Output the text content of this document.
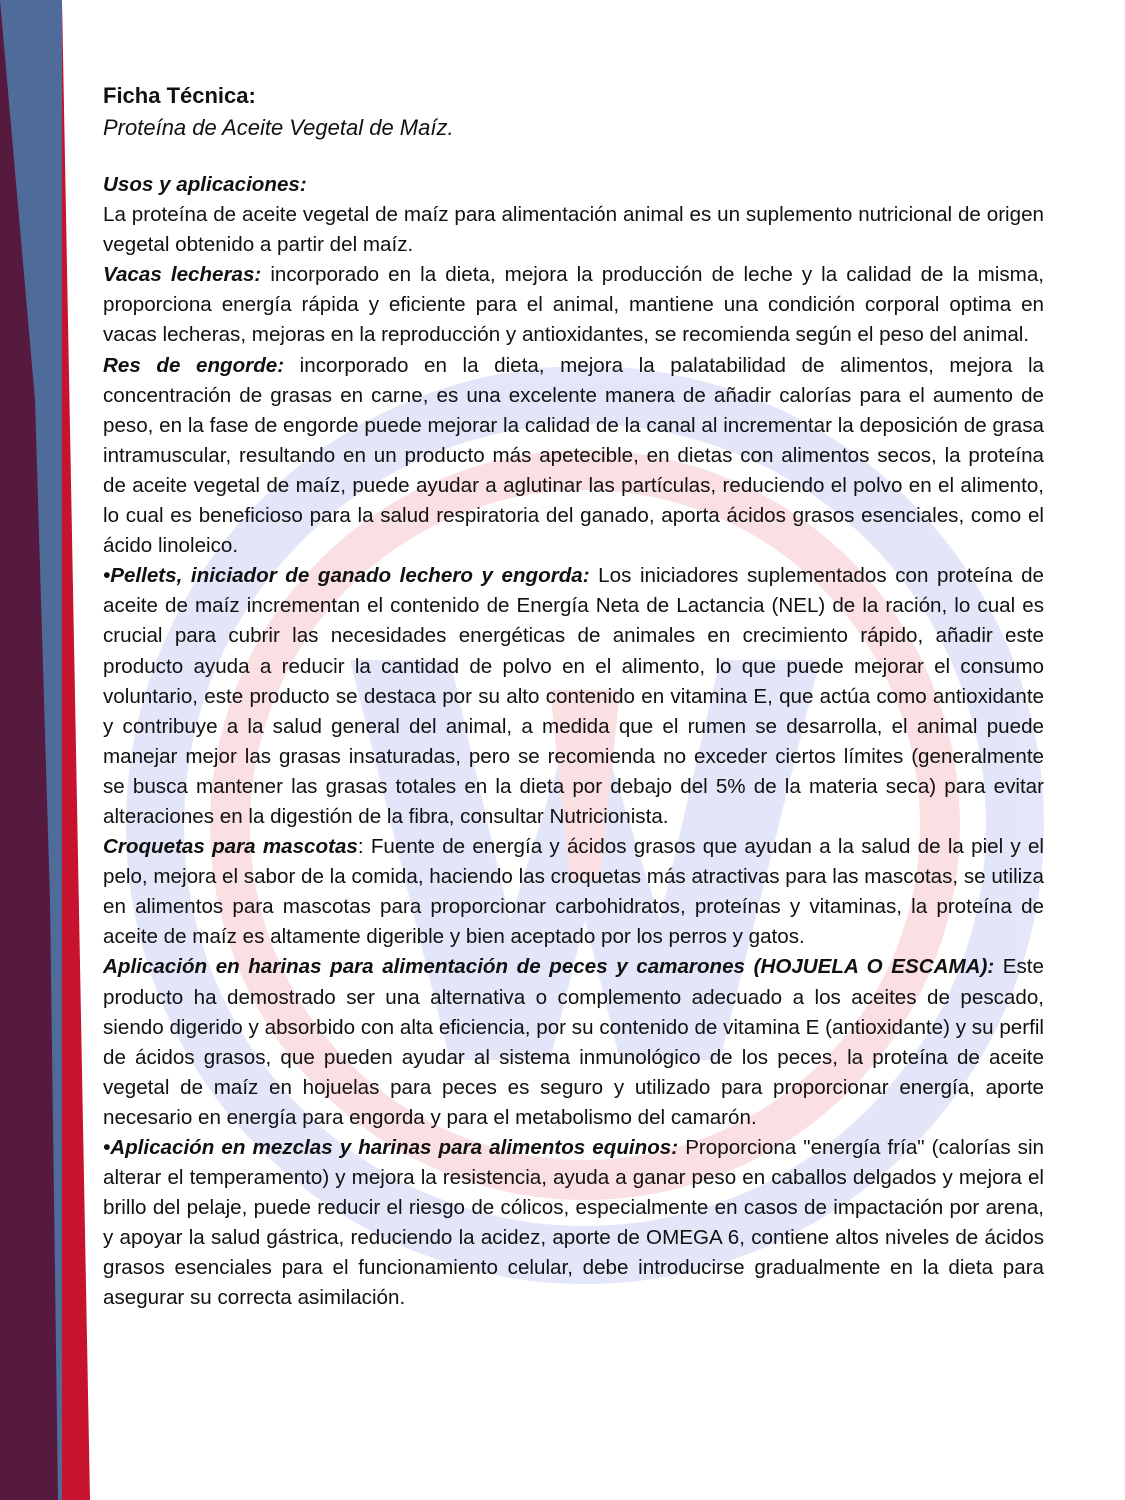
Ficha Técnica:

Proteína de Aceite Vegetal de Maíz.

Usos y aplicaciones:

La proteína de aceite vegetal de maíz para alimentación animal es un suplemento nutricional de origen vegetal obtenido a partir del maíz.

Vacas lecheras: incorporado en la dieta, mejora la producción de leche y la calidad de la misma, proporciona energía rápida y eficiente para el animal, mantiene una condición corporal optima en vacas lecheras, mejoras en la reproducción y antioxidantes, se recomienda según el peso del animal.

Res de engorde: incorporado en la dieta, mejora la palatabilidad de alimentos, mejora la concentración de grasas en carne, es una excelente manera de añadir calorías para el aumento de peso, en la fase de engorde puede mejorar la calidad de la canal al incrementar la deposición de grasa intramuscular, resultando en un producto más apetecible, en dietas con alimentos secos, la proteína de aceite vegetal de maíz, puede ayudar a aglutinar las partículas, reduciendo el polvo en el alimento, lo cual es beneficioso para la salud respiratoria del ganado, aporta ácidos grasos esenciales, como el ácido linoleico.

•Pellets, iniciador de ganado lechero y engorda: Los iniciadores suplementados con proteína de aceite de maíz incrementan el contenido de Energía Neta de Lactancia (NEL) de la ración, lo cual es crucial para cubrir las necesidades energéticas de animales en crecimiento rápido, añadir este producto ayuda a reducir la cantidad de polvo en el alimento, lo que puede mejorar el consumo voluntario, este producto se destaca por su alto contenido en vitamina E, que actúa como antioxidante y contribuye a la salud general del animal, a medida que el rumen se desarrolla, el animal puede manejar mejor las grasas insaturadas, pero se recomienda no exceder ciertos límites (generalmente se busca mantener las grasas totales en la dieta por debajo del 5% de la materia seca) para evitar alteraciones en la digestión de la fibra, consultar Nutricionista.

Croquetas para mascotas: Fuente de energía y ácidos grasos que ayudan a la salud de la piel y el pelo, mejora el sabor de la comida, haciendo las croquetas más atractivas para las mascotas, se utiliza en alimentos para mascotas para proporcionar carbohidratos, proteínas y vitaminas, la proteína de aceite de maíz es altamente digerible y bien aceptado por los perros y gatos.

Aplicación en harinas para alimentación de peces y camarones (HOJUELA O ESCAMA): Este producto ha demostrado ser una alternativa o complemento adecuado a los aceites de pescado, siendo digerido y absorbido con alta eficiencia, por su contenido de vitamina E (antioxidante) y su perfil de ácidos grasos, que pueden ayudar al sistema inmunológico de los peces, la proteína de aceite vegetal de maíz en hojuelas para peces es seguro y utilizado para proporcionar energía, aporte necesario en energía para engorda y para el metabolismo del camarón.

•Aplicación en mezclas y harinas para alimentos equinos: Proporciona "energía fría" (calorías sin alterar el temperamento) y mejora la resistencia, ayuda a ganar peso en caballos delgados y mejora el brillo del pelaje, puede reducir el riesgo de cólicos, especialmente en casos de impactación por arena, y apoyar la salud gástrica, reduciendo la acidez, aporte de OMEGA 6, contiene altos niveles de ácidos grasos esenciales para el funcionamiento celular, debe introducirse gradualmente en la dieta para asegurar su correcta asimilación.
